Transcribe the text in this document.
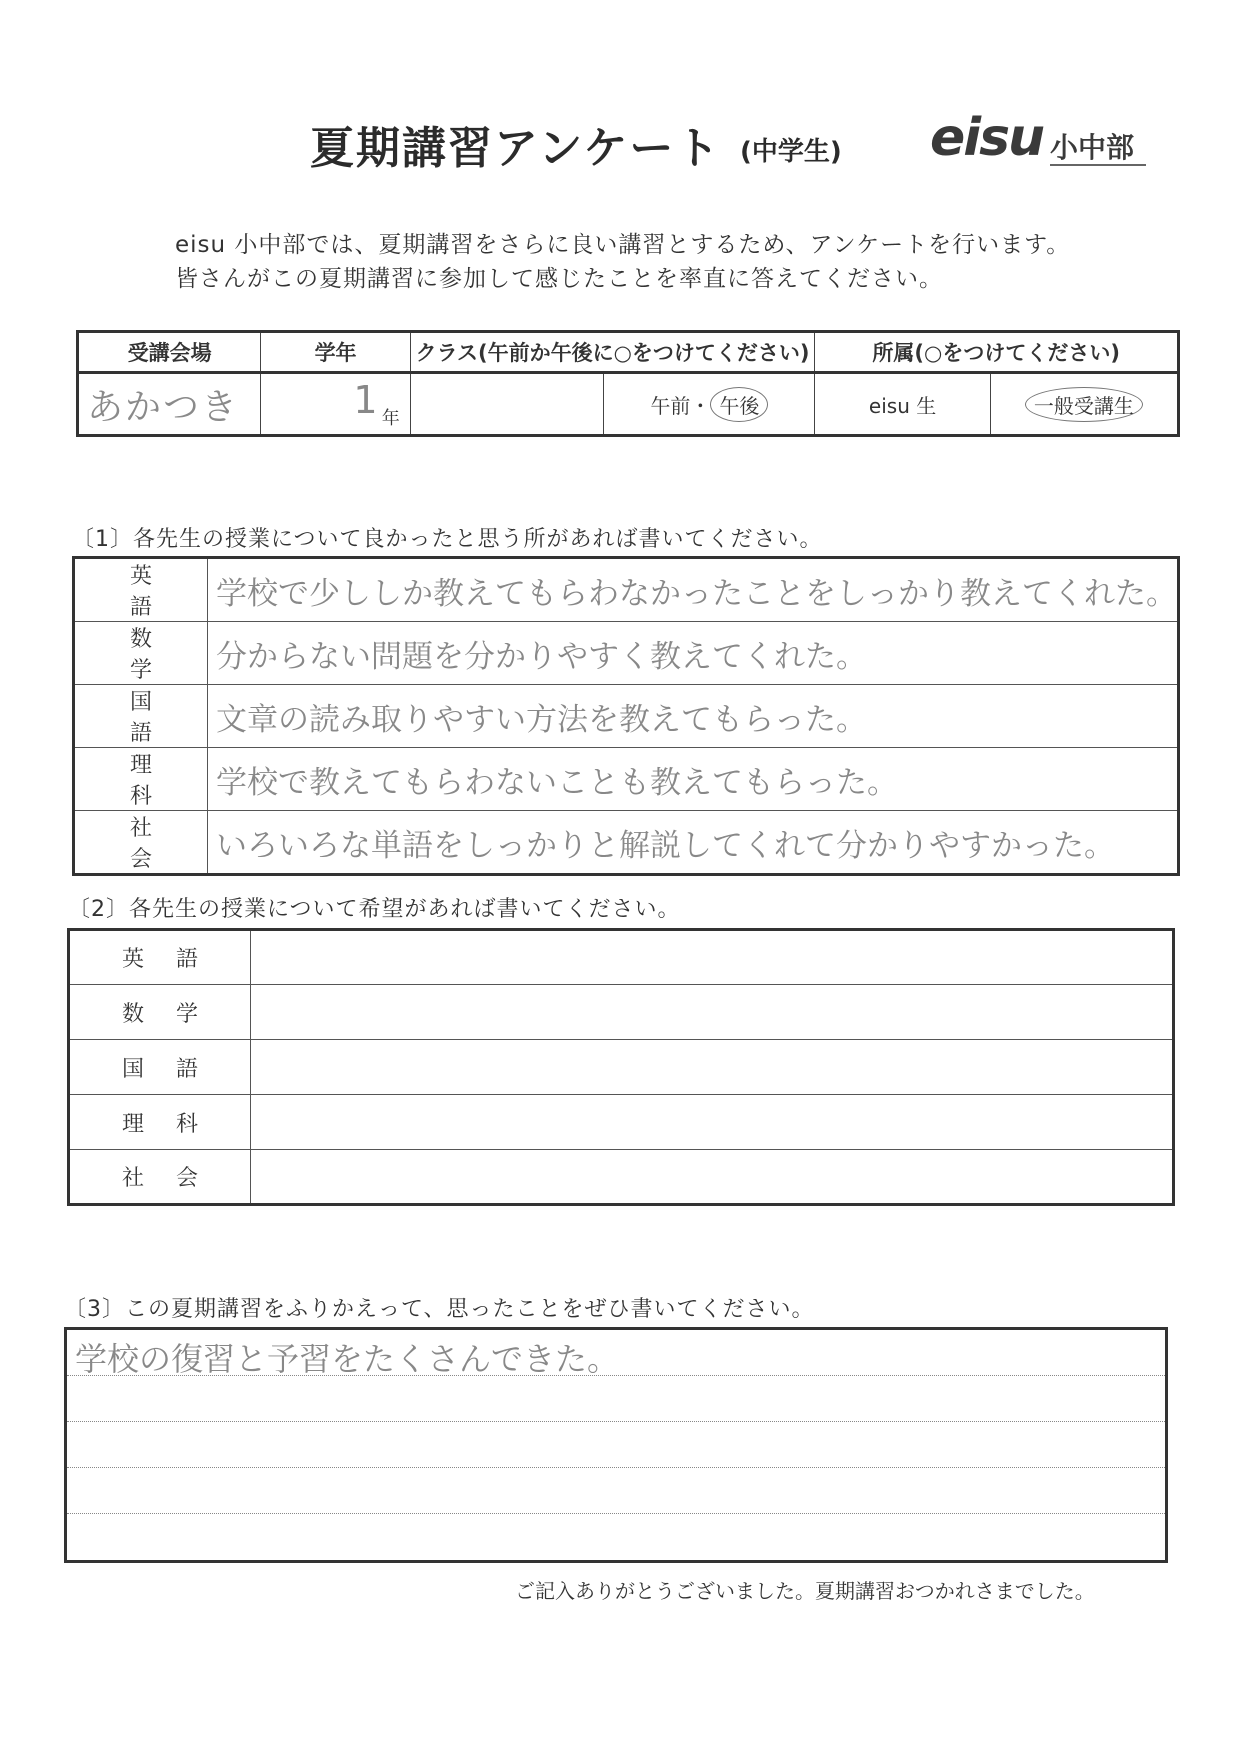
夏期講習アンケート (中学生) eisu 小中部
eisu 小中部では、夏期講習をさらに良い講習とするため、アンケートを行います。
皆さんがこの夏期講習に参加して感じたことを率直に答えてください。
受講会場	学年	クラス(午前か午後に○をつけてください)		所属(○をつけてください)	
あかつき	1 年		午前・ 午後	eisu 生	一般受講生
〔1〕各先生の授業について良かったと思う所があれば書いてください。
英語	学校で少ししか教えてもらわなかったことをしっかり教えてくれた。
数学	分からない問題を分かりやすく教えてくれた。
国語	文章の読み取りやすい方法を教えてもらった。
理科	学校で教えてもらわないことも教えてもらった。
社会	いろいろな単語をしっかりと解説してくれて分かりやすかった。
〔2〕各先生の授業について希望があれば書いてください。
英語	
数学	
国語	
理科	
社会	
〔3〕この夏期講習をふりかえって、思ったことをぜひ書いてください。
学校の復習と予習をたくさんできた。
ご記入ありがとうございました。夏期講習おつかれさまでした。
